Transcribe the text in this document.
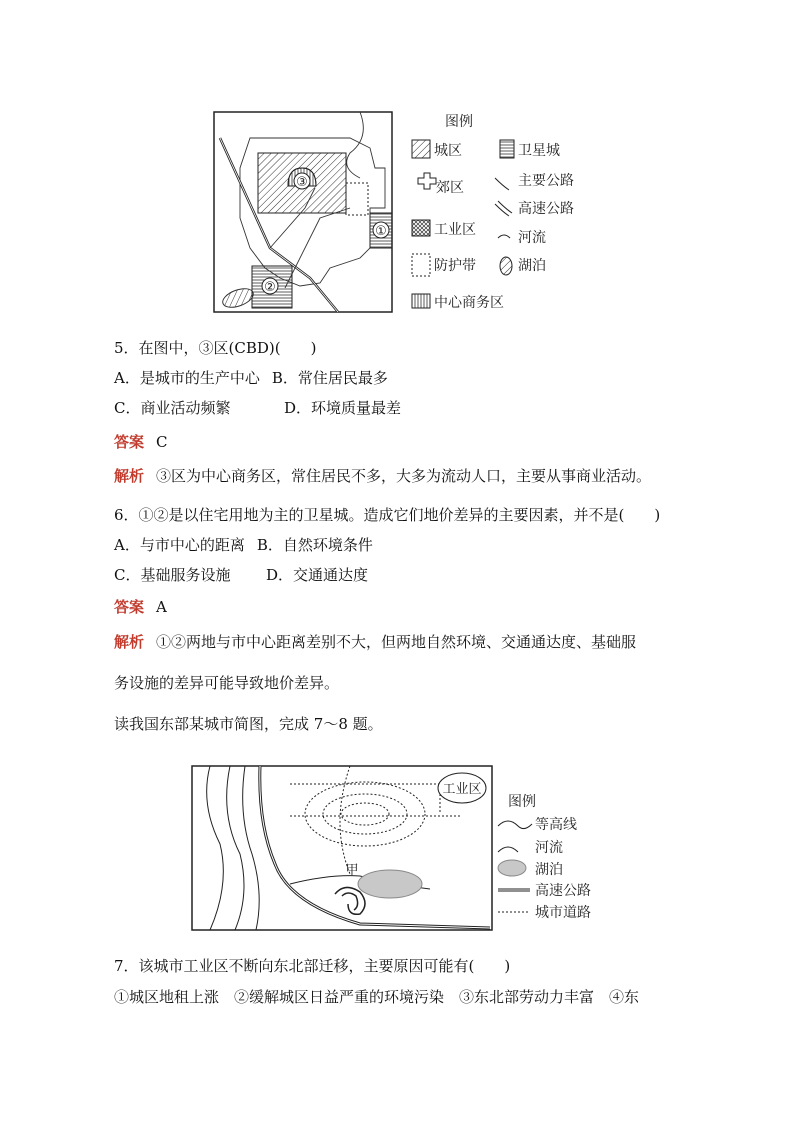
③
①
②
图例
城区	卫星城
郊区	主要公路
高速公路
工业区	河流
防护带	湖泊
中心商务区
5．在图中，③区(CBD)(　　)
A．是城市的生产中心 B．常住居民最多
C．商业活动频繁	D．环境质量最差
答案 C
解析 ③区为中心商务区，常住居民不多，大多为流动人口，主要从事商业活动。
6．①②是以住宅用地为主的卫星城。造成它们地价差异的主要因素，并不是(　　)
A．与市中心的距离 B．自然环境条件
C．基础服务设施 D．交通通达度
答案 A
解析 ①②两地与市中心距离差别不大，但两地自然环境、交通通达度、基础服
务设施的差异可能导致地价差异。
读我国东部某城市简图，完成 7～8 题。
工业区
甲
图例
等高线
河流
湖泊
高速公路
城市道路
7．该城市工业区不断向东北部迁移，主要原因可能有(　　)
①城区地租上涨　②缓解城区日益严重的环境污染　③东北部劳动力丰富　④东
